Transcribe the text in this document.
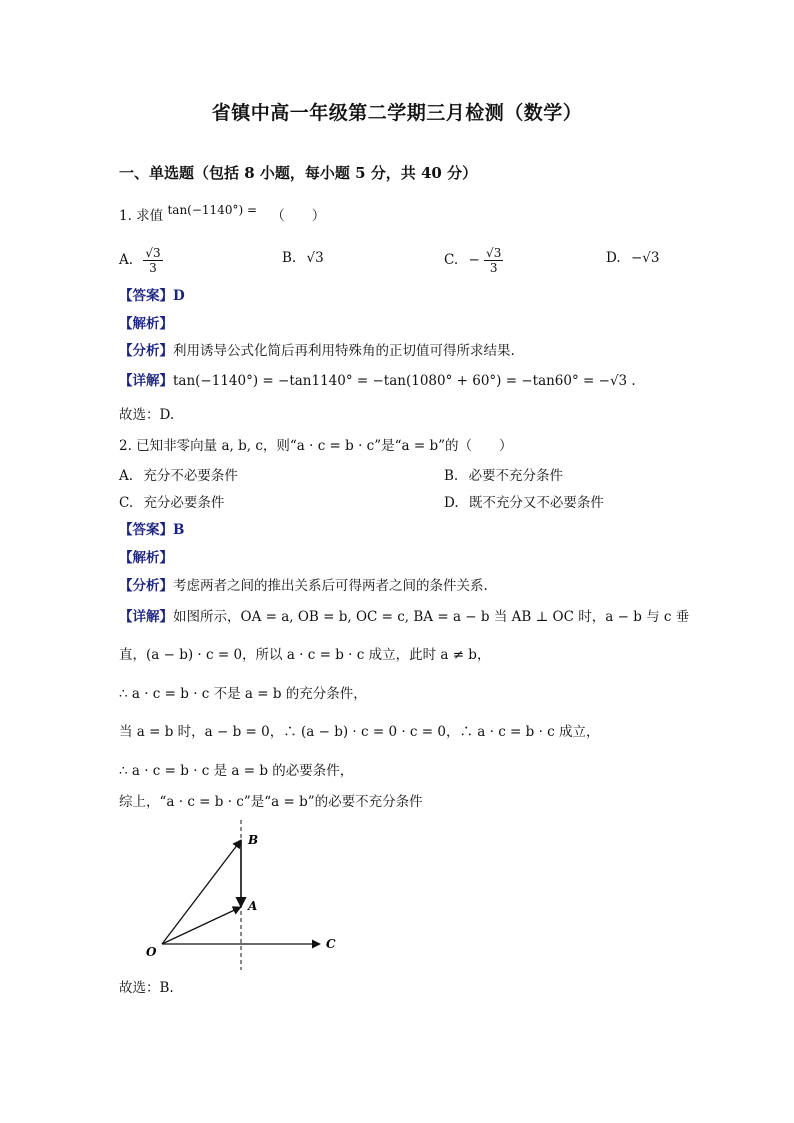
省镇中高一年级第二学期三月检测（数学）
一、单选题（包括 8 小题，每小题 5 分，共 40 分）
1. 求值 tan(−1140°) = （　　）
A. $\frac{√3}{3}$	B. √3	C. − $\frac{√3}{3}$	D. −√3
【答案】D
【解析】
【分析】利用诱导公式化简后再利用特殊角的正切值可得所求结果.
【详解】tan(−1140°) = −tan1140° = −tan(1080° + 60°) = −tan60° = −√3 .
故选：D.
2. 已知非零向量 a, b, c，则“a · c = b · c”是“a = b”的（　　）
A. 充分不必要条件	B. 必要不充分条件
C. 充分必要条件	D. 既不充分又不必要条件
【答案】B
【解析】
【分析】考虑两者之间的推出关系后可得两者之间的条件关系.
【详解】如图所示，OA = a, OB = b, OC = c, BA = a − b 当 AB ⊥ OC 时，a − b 与 c 垂
直，(a − b) · c = 0，所以 a · c = b · c 成立，此时 a ≠ b，
∴ a · c = b · c 不是 a = b 的充分条件，
当 a = b 时，a − b = 0，∴ (a − b) · c = 0 · c = 0，∴ a · c = b · c 成立，
∴ a · c = b · c 是 a = b 的必要条件，
综上，“a · c = b · c”是“a = b”的必要不充分条件
O
A
B
C
故选：B.
